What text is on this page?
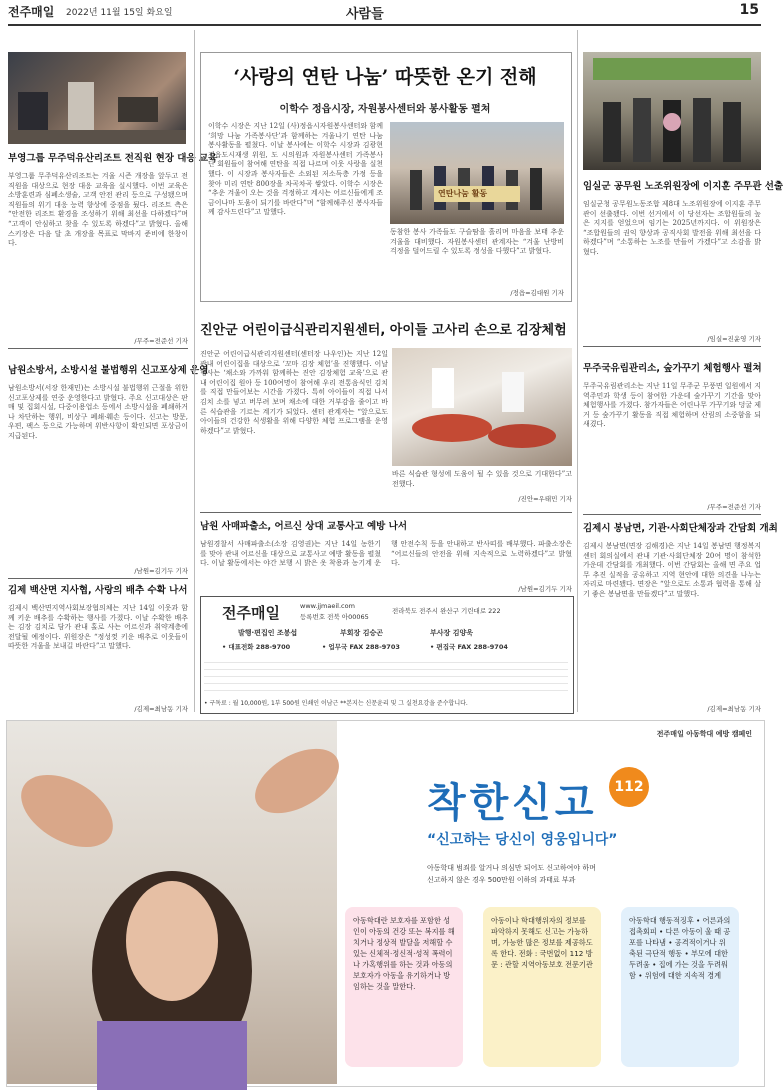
전주매일 2022년 11월 15일 화요일	사람들	15
부영그룹 무주덕유산리조트 전직원 현장 대응 교육
부영그룹 무주덕유산리조트는 겨울 시즌 개장을 앞두고 전 직원을 대상으로 현장 대응 교육을 실시했다. 이번 교육은 소방훈련과 심폐소생술, 고객 안전 관리 등으로 구성됐으며 직원들의 위기 대응 능력 향상에 중점을 뒀다. 리조트 측은 “안전한 리조트 환경을 조성하기 위해 최선을 다하겠다”며 “고객이 안심하고 찾을 수 있도록 하겠다”고 밝혔다. 올해 스키장은 다음 달 초 개장을 목표로 막바지 준비에 한창이다.
/무주=전준선 기자
남원소방서, 소방시설 불법행위 신고포상제 운영
남원소방서(서장 한재민)는 소방시설 불법행위 근절을 위한 신고포상제를 연중 운영한다고 밝혔다. 주요 신고대상은 판매 및 집회시설, 다중이용업소 등에서 소방시설을 폐쇄하거나 차단하는 행위, 비상구 폐쇄·훼손 등이다. 신고는 방문, 우편, 팩스 등으로 가능하며 위반사항이 확인되면 포상금이 지급된다.
/남원=김기두 기자
김제 백산면 지사협, 사랑의 배추 수확 나서
김제시 백산면지역사회보장협의체는 지난 14일 이웃과 함께 키운 배추를 수확하는 행사를 가졌다. 이날 수확한 배추는 김장 김치로 담가 관내 홀로 사는 어르신과 취약계층에 전달될 예정이다. 위원장은 “정성껏 키운 배추로 이웃들이 따뜻한 겨울을 보내길 바란다”고 말했다.
/김제=최남동 기자
‘사랑의 연탄 나눔’ 따뜻한 온기 전해
이학수 정읍시장, 자원봉사센터와 봉사활동 펼쳐
이학수 시장은 지난 12일 (사)정읍시자원봉사센터와 함께 ‘희망 나눔 가족봉사단’과 함께하는 겨울나기 연탄 나눔 봉사활동을 펼쳤다. 이날 봉사에는 이학수 시장과 김광현 정읍도시재생 위원, 도 시의원과 자원봉사센터 가족봉사단 회원들이 참여해 연탄을 직접 나르며 이웃 사랑을 실천했다. 이 시장과 봉사자들은 소외된 저소득층 가정 등을 찾아 미리 연탄 800장을 차곡차곡 쌓았다. 이학수 시장은 “추운 겨울이 오는 것을 걱정하고 계시는 어르신들에게 조금이나마 도움이 되기를 바란다”며 “함께해주신 봉사자들께 감사드린다”고 말했다.
연탄나눔 활동
동참한 봉사 가족들도 구슬땀을 흘리며 마음을 보태 추운 겨울을 대비했다. 자원봉사센터 관계자는 “겨울 난방비 걱정을 덜어드릴 수 있도록 정성을 다했다”고 밝혔다.
/정읍=김대원 기자
진안군 어린이급식관리지원센터, 아이들 고사리 손으로 김장체험
진안군 어린이급식관리지원센터(센터장 나우인)는 지난 12일 관내 어린이집을 대상으로 ‘꼬마 김장 체험’을 진행했다. 이날 행사는 ‘채소와 가까워 함께하는 진안 김장체험 교육’으로 관내 어린이집 원아 등 100여명이 참여해 우리 전통음식인 김치를 직접 만들어보는 시간을 가졌다. 특히 아이들이 직접 나서 김치 소를 넣고 버무려 보며 채소에 대한 거부감을 줄이고 바른 식습관을 기르는 계기가 되었다. 센터 관계자는 “앞으로도 아이들의 건강한 식생활을 위해 다양한 체험 프로그램을 운영하겠다”고 밝혔다.
바른 식습관 형성에 도움이 될 수 있을 것으로 기대한다”고 전했다.
/진안=우태민 기자
남원 사매파출소, 어르신 상대 교통사고 예방 나서
남원경찰서 사매파출소(소장 김영권)는 지난 14일 농한기를 맞아 관내 어르신을 대상으로 교통사고 예방 활동을 펼쳤다. 이날 활동에서는 야간 보행 시 밝은 옷 착용과 농기계 운행 안전수칙 등을 안내하고 반사띠를 배부했다. 파출소장은 “어르신들의 안전을 위해 지속적으로 노력하겠다”고 밝혔다.
/남원=김기두 기자
전주매일	www.jjmaeil.com
등록번호 전북 아00065
전라북도 전주시 완산구 기린대로 222
발행·편집인 조봉섭	부회장 김승곤	부사장 김양욱
• 대표전화 288-9700	• 업무국 FAX 288-9703	• 편집국 FAX 288-9704
• 구독료 : 월 10,000원, 1부 500원 인쇄인 이남근 **본지는 신문윤리 및 그 실천요강을 준수합니다.
임실군 공무원 노조위원장에 이지훈 주무관 선출
임실군청 공무원노동조합 제8대 노조위원장에 이지훈 주무관이 선출됐다. 이번 선거에서 이 당선자는 조합원들의 높은 지지를 얻었으며 임기는 2025년까지다. 이 위원장은 “조합원들의 권익 향상과 공직사회 발전을 위해 최선을 다하겠다”며 “소통하는 노조를 만들어 가겠다”고 소감을 밝혔다.
/임실=진윤영 기자
무주국유림관리소, 숲가꾸기 체험행사 펼쳐
무주국유림관리소는 지난 11일 무주군 무풍면 일원에서 지역주민과 학생 등이 참여한 가운데 숲가꾸기 기간을 맞아 체험행사를 가졌다. 참가자들은 어린나무 가꾸기와 덩굴 제거 등 숲가꾸기 활동을 직접 체험하며 산림의 소중함을 되새겼다.
/무주=전준선 기자
김제시 봉남면, 기관·사회단체장과 간담회 개최
김제시 봉남면(면장 김해경)은 지난 14일 봉남면 행정복지센터 회의실에서 관내 기관·사회단체장 20여 명이 참석한 가운데 간담회를 개최했다. 이번 간담회는 올해 면 주요 업무 추진 실적을 공유하고 지역 현안에 대한 의견을 나누는 자리로 마련됐다. 면장은 “앞으로도 소통과 협력을 통해 살기 좋은 봉남면을 만들겠다”고 말했다.
/김제=최남동 기자
전주매일 아동학대 예방 캠페인
착한신고	112
“신고하는 당신이 영웅입니다”
아동학대 범죄를 알거나 의심만 되어도 신고하여야 하며
신고하지 않은 경우 500만원 이하의 과태료 부과
아동학대란 보호자를 포함한 성인이 아동의 건강 또는 복지를 해치거나 정상적 발달을 저해할 수 있는 신체적·정신적·성적 폭력이나 가혹행위를 하는 것과 아동의 보호자가 아동을 유기하거나 방임하는 것을 말한다.
아동이나 학대행위자의 정보를 파악하지 못해도 신고는 가능하며, 가능한 많은 정보를 제공하도록 한다. 전화 : 국번없이 112 방문 : 관할 지역아동보호 전문기관
아동학대 행동적징후 • 어른과의 접촉회피 • 다른 아동이 울 때 공포를 나타냄 • 공격적이거나 위축된 극단적 행동 • 부모에 대한 두려움 • 집에 가는 것을 두려워함 • 위험에 대한 지속적 경계
